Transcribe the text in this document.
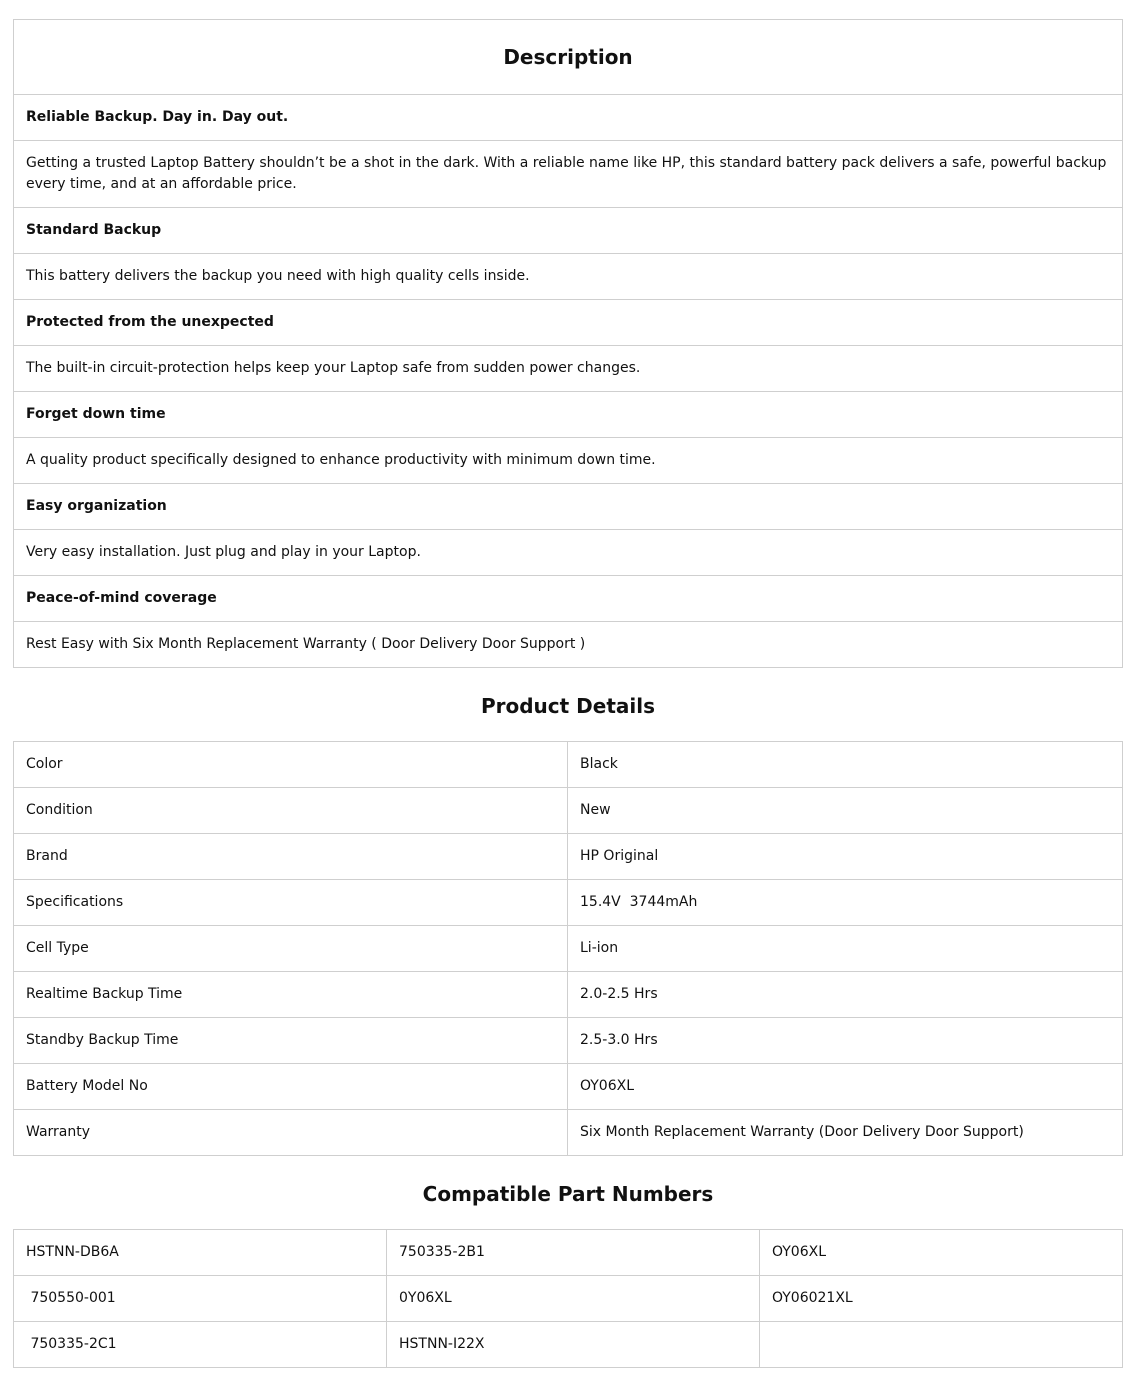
Description
Reliable Backup. Day in. Day out.
Getting a trusted Laptop Battery shouldn’t be a shot in the dark. With a reliable name like HP, this standard battery pack delivers a safe, powerful backup every time, and at an affordable price.
Standard Backup
This battery delivers the backup you need with high quality cells inside.
Protected from the unexpected
The built-in circuit-protection helps keep your Laptop safe from sudden power changes.
Forget down time
A quality product specifically designed to enhance productivity with minimum down time.
Easy organization
Very easy installation. Just plug and play in your Laptop.
Peace-of-mind coverage
Rest Easy with Six Month Replacement Warranty ( Door Delivery Door Support )
Product Details
Color	Black
Condition	New
Brand	HP Original
Specifications	15.4V  3744mAh
Cell Type	Li-ion
Realtime Backup Time	2.0-2.5 Hrs
Standby Backup Time	2.5-3.0 Hrs
Battery Model No	OY06XL
Warranty	Six Month Replacement Warranty (Door Delivery Door Support)
Compatible Part Numbers
HSTNN-DB6A	750335-2B1	OY06XL
750550-001	0Y06XL	OY06021XL
750335-2C1	HSTNN-I22X	
